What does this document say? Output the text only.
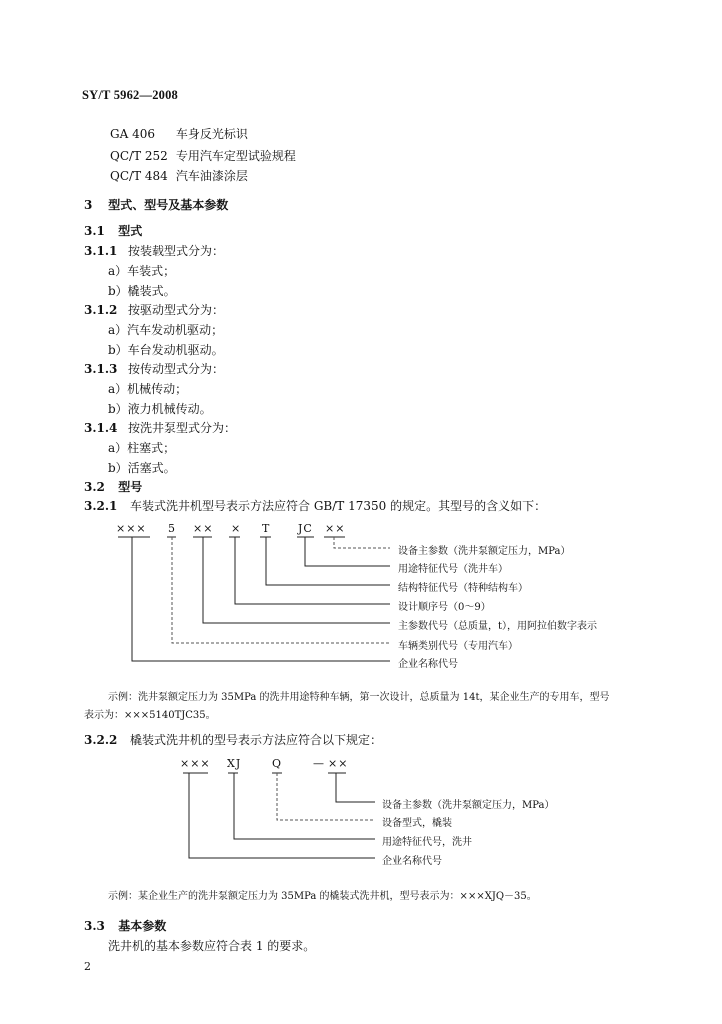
SY/T 5962—2008
GA 406 车身反光标识
QC/T 252 专用汽车定型试验规程
QC/T 484 汽车油漆涂层
3 型式、型号及基本参数
3.1 型式
3.1.1 按装载型式分为：
a）车装式；
b）橇装式。
3.1.2 按驱动型式分为：
a）汽车发动机驱动；
b）车台发动机驱动。
3.1.3 按传动型式分为：
a）机械传动；
b）液力机械传动。
3.1.4 按洗井泵型式分为：
a）柱塞式；
b）活塞式。
3.2 型号
3.2.1 车装式洗井机型号表示方法应符合 GB/T 17350 的规定。其型号的含义如下：
××× 5 ×× × T	JC ××
设备主参数（洗井泵额定压力，MPa）
用途特征代号（洗井车）
结构特征代号（特种结构车）
设计顺序号（0～9）
主参数代号（总质量，t），用阿拉伯数字表示
车辆类别代号（专用汽车）
企业名称代号
示例：洗井泵额定压力为 35MPa 的洗井用途特种车辆，第一次设计，总质量为 14t，某企业生产的专用车，型号
表示为：×××5140TJC35。
3.2.2 橇装式洗井机的型号表示方法应符合以下规定：
××× XJ	Q	— ××
设备主参数（洗井泵额定压力，MPa）
设备型式，橇装
用途特征代号，洗井
企业名称代号
示例：某企业生产的洗井泵额定压力为 35MPa 的橇装式洗井机，型号表示为：×××XJQ－35。
3.3 基本参数
洗井机的基本参数应符合表 1 的要求。
2
